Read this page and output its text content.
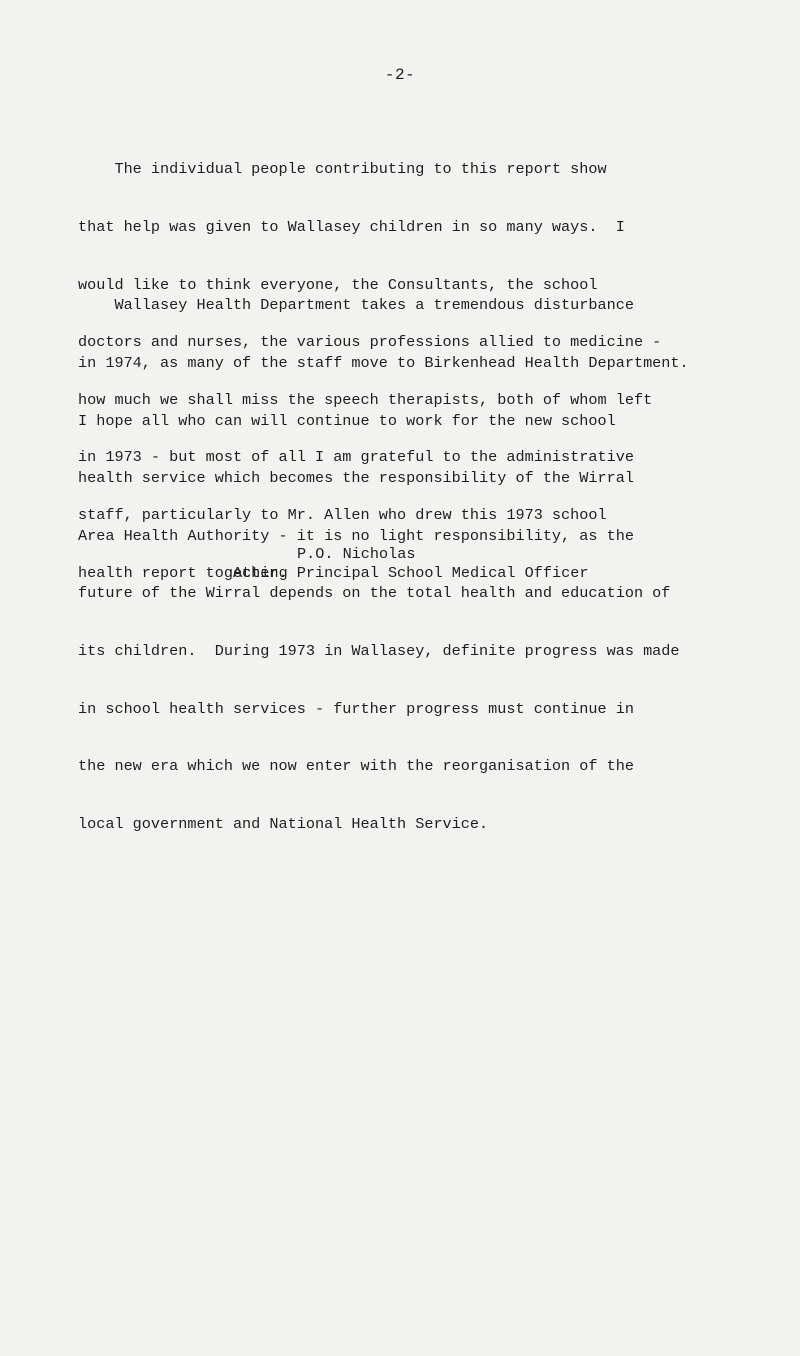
-2-

The individual people contributing to this report show

that help was given to Wallasey children in so many ways.  I

would like to think everyone, the Consultants, the school

doctors and nurses, the various professions allied to medicine -

how much we shall miss the speech therapists, both of whom left

in 1973 - but most of all I am grateful to the administrative

staff, particularly to Mr. Allen who drew this 1973 school

health report together.

Wallasey Health Department takes a tremendous disturbance

in 1974, as many of the staff move to Birkenhead Health Department.

I hope all who can will continue to work for the new school

health service which becomes the responsibility of the Wirral

Area Health Authority - it is no light responsibility, as the

future of the Wirral depends on the total health and education of

its children.  During 1973 in Wallasey, definite progress was made

in school health services - further progress must continue in

the new era which we now enter with the reorganisation of the

local government and National Health Service.

P.O. Nicholas
Acting Principal School Medical Officer
